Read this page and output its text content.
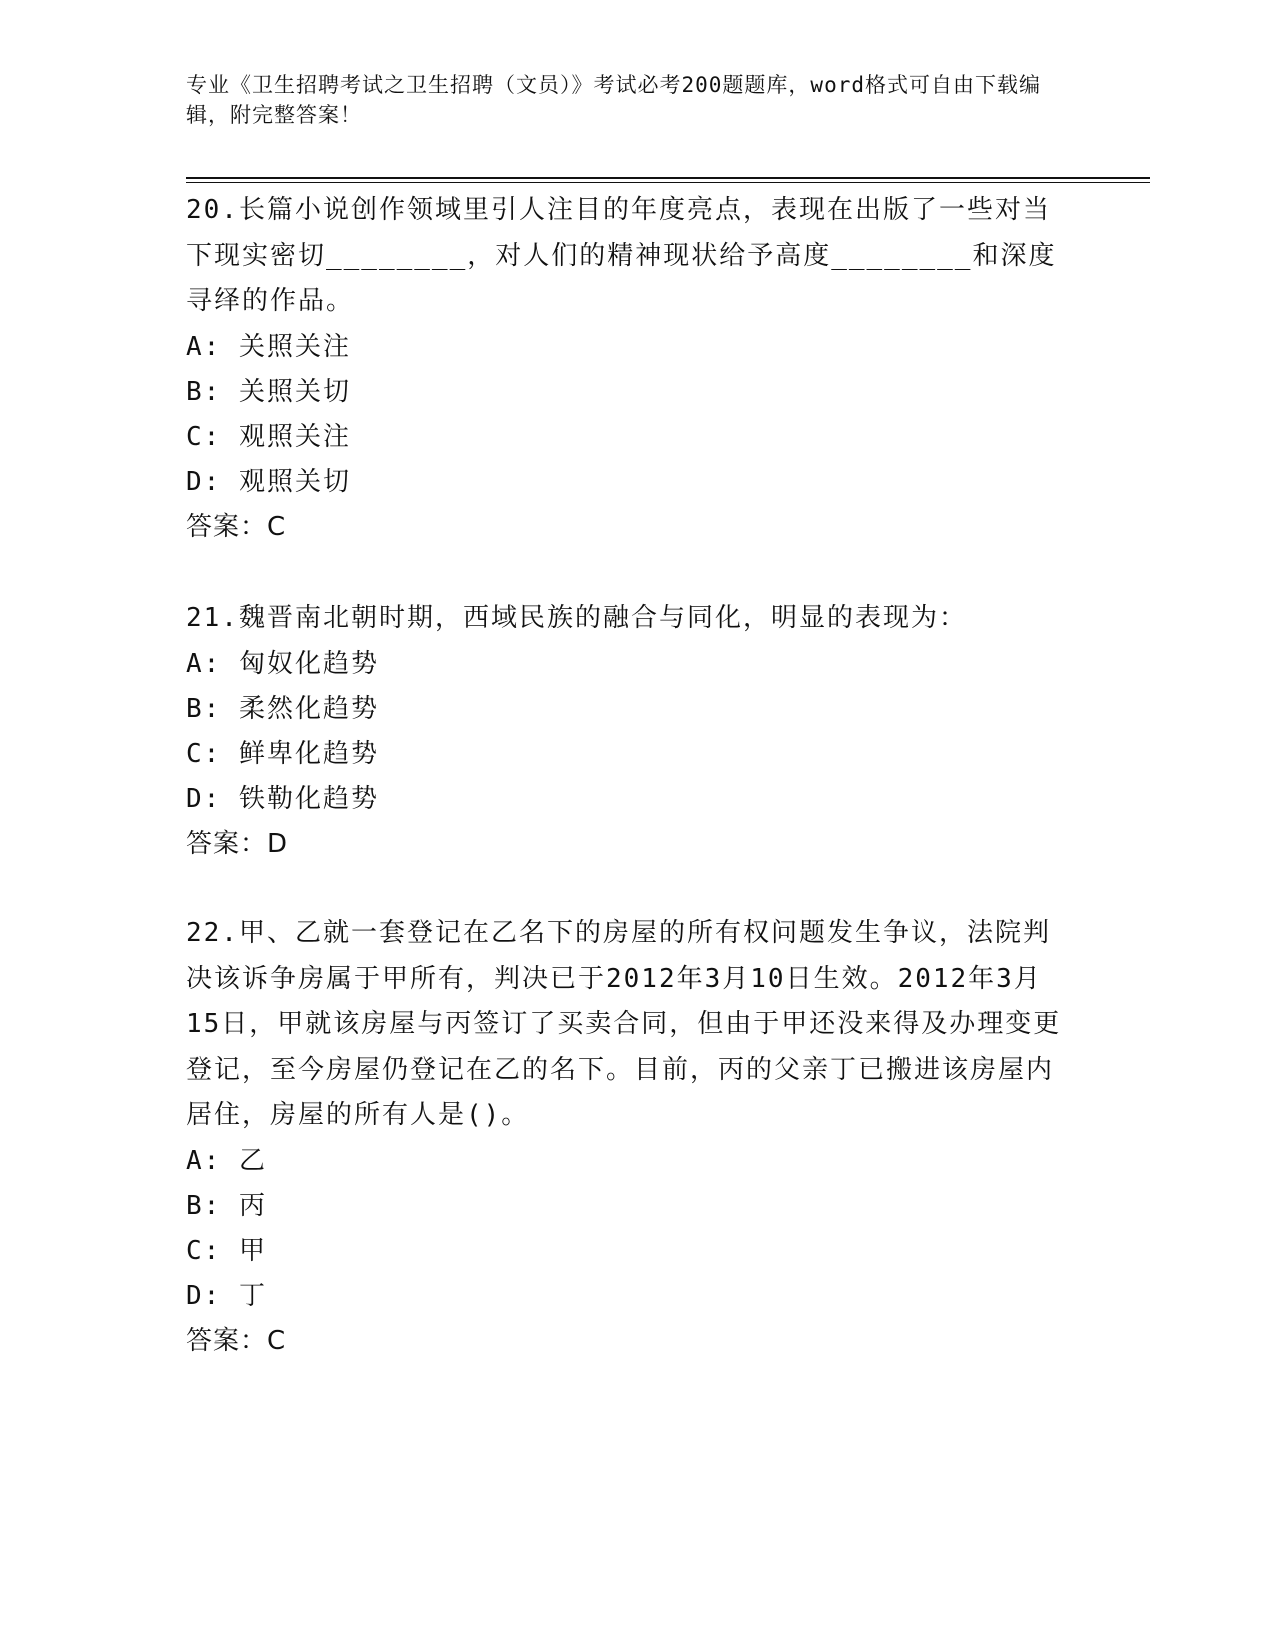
专业《卫生招聘考试之卫生招聘（文员）》考试必考200题题库，word格式可自由下载编辑，附完整答案！

20.长篇小说创作领域里引人注目的年度亮点，表现在出版了一些对当下现实密切________，对人们的精神现状给予高度________和深度寻绎的作品。

A: 关照关注

B: 关照关切

C: 观照关注

D: 观照关切

答案：C

21.魏晋南北朝时期，西域民族的融合与同化，明显的表现为：

A: 匈奴化趋势

B: 柔然化趋势

C: 鲜卑化趋势

D: 铁勒化趋势

答案：D

22.甲、乙就一套登记在乙名下的房屋的所有权问题发生争议，法院判决该诉争房属于甲所有，判决已于2012年3月10日生效。2012年3月15日，甲就该房屋与丙签订了买卖合同，但由于甲还没来得及办理变更登记，至今房屋仍登记在乙的名下。目前，丙的父亲丁已搬进该房屋内居住，房屋的所有人是()。

A: 乙

B: 丙

C: 甲

D: 丁

答案：C
